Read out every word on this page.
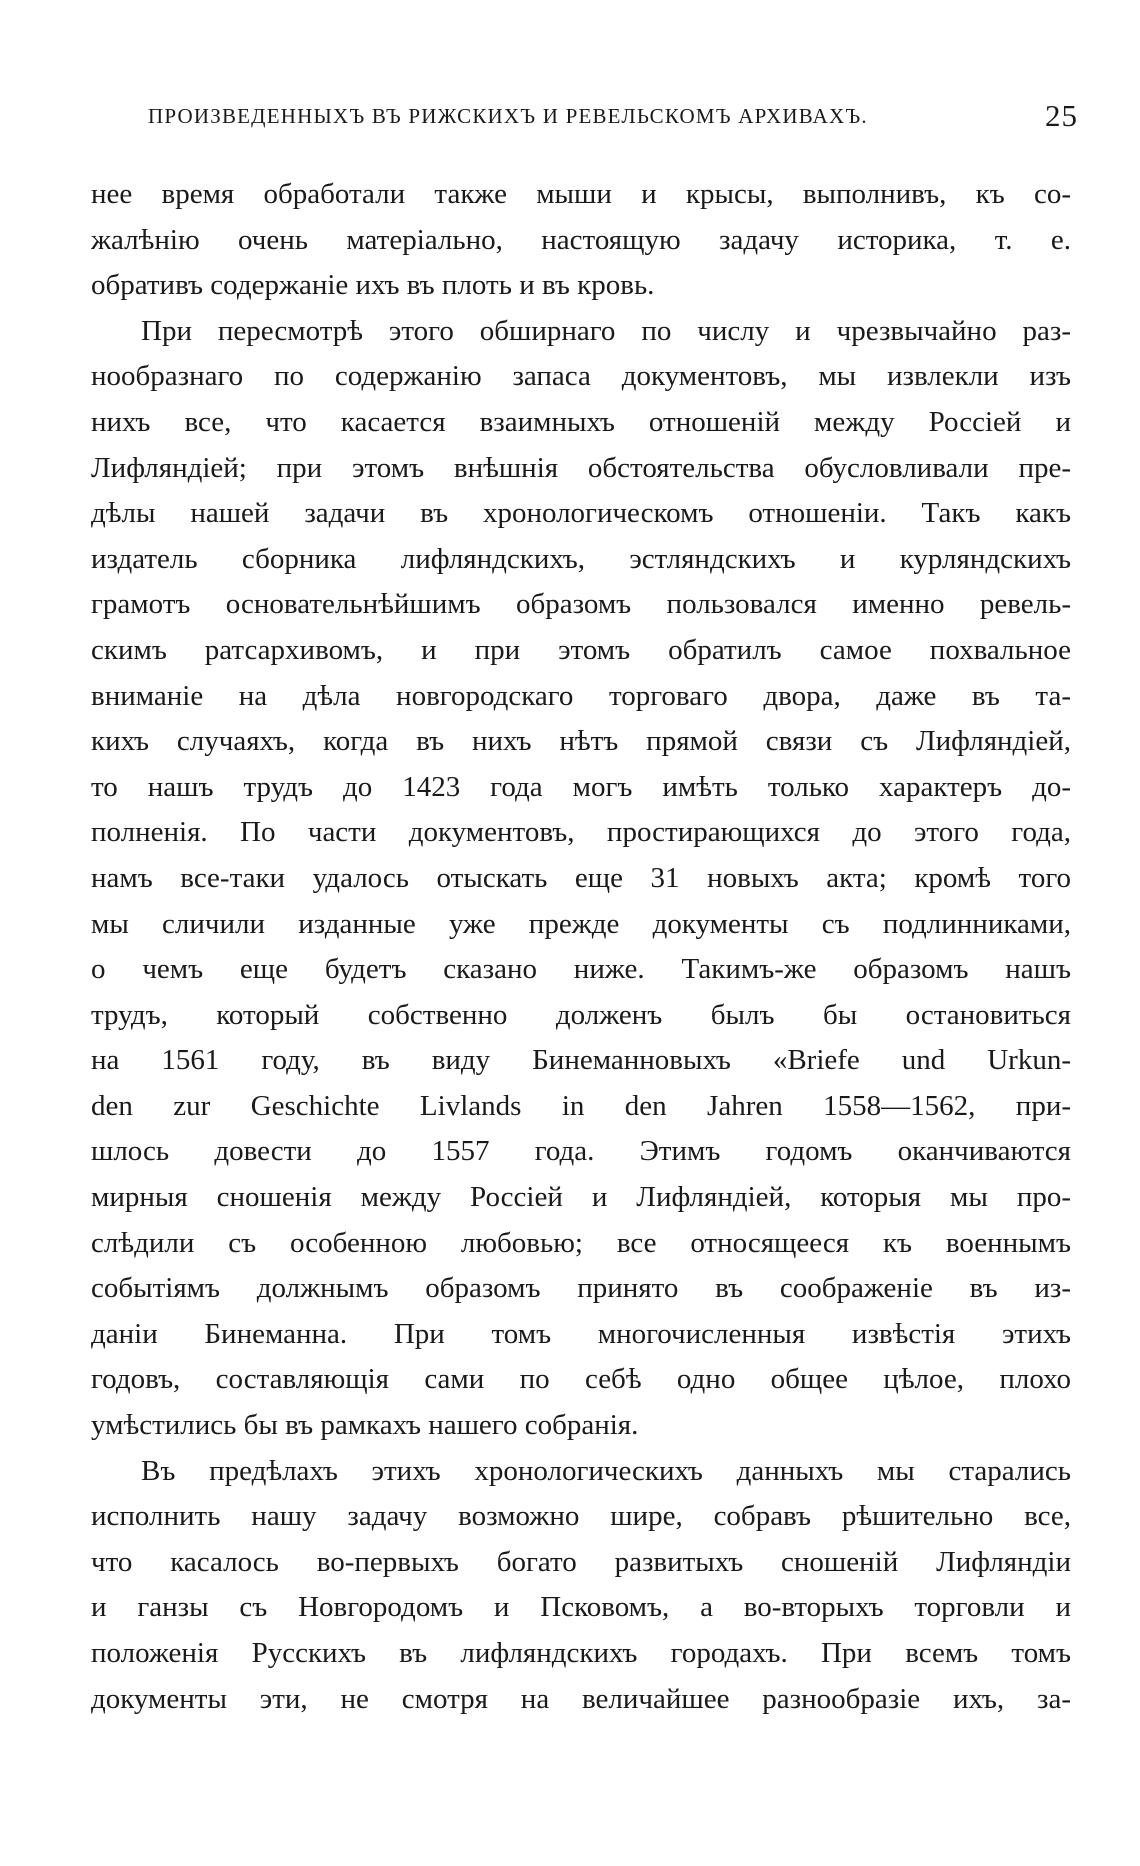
ПРОИЗВЕДЕННЫХЪ ВЪ РИЖСКИХЪ И РЕВЕЛЬСКОМЪ АРХИВАХЪ.	25
нее время обработали также мыши и крысы, выполнивъ, къ со-
жалѣнію очень матеріально, настоящую задачу историка, т. е.
обративъ содержаніе ихъ въ плоть и въ кровь.
При пересмотрѣ этого обширнаго по числу и чрезвычайно раз-
нообразнаго по содержанію запаса документовъ, мы извлекли изъ
нихъ все, что касается взаимныхъ отношеній между Россіей и
Лифляндіей; при этомъ внѣшнія обстоятельства обусловливали пре-
дѣлы нашей задачи въ хронологическомъ отношеніи. Такъ какъ
издатель сборника лифляндскихъ, эстляндскихъ и курляндскихъ
грамотъ основательнѣйшимъ образомъ пользовался именно ревель-
скимъ ратсархивомъ, и при этомъ обратилъ самое похвальное
вниманіе на дѣла новгородскаго торговаго двора, даже въ та-
кихъ случаяхъ, когда въ нихъ нѣтъ прямой связи съ Лифляндіей,
то нашъ трудъ до 1423 года могъ имѣть только характеръ до-
полненія. По части документовъ, простирающихся до этого года,
намъ все-таки удалось отыскать еще 31 новыхъ акта; кромѣ того
мы сличили изданные уже прежде документы съ подлинниками,
о чемъ еще будетъ сказано ниже. Такимъ-же образомъ нашъ
трудъ, который собственно долженъ былъ бы остановиться
на 1561 году, въ виду Бинеманновыхъ «Briefe und Urkun-
den zur Geschichte Livlands in den Jahren 1558—1562, при-
шлось довести до 1557 года. Этимъ годомъ оканчиваются
мирныя сношенія между Россіей и Лифляндіей, которыя мы про-
слѣдили съ особенною любовью; все относящееся къ военнымъ
событіямъ должнымъ образомъ принято въ соображеніе въ из-
даніи Бинеманна. При томъ многочисленныя извѣстія этихъ
годовъ, составляющія сами по себѣ одно общее цѣлое, плохо
умѣстились бы въ рамкахъ нашего собранія.
Въ предѣлахъ этихъ хронологическихъ данныхъ мы старались
исполнить нашу задачу возможно шире, собравъ рѣшительно все,
что касалось во-первыхъ богато развитыхъ сношеній Лифляндіи
и ганзы съ Новгородомъ и Псковомъ, а во-вторыхъ торговли и
положенія Русскихъ въ лифляндскихъ городахъ. При всемъ томъ
документы эти, не смотря на величайшее разнообразіе ихъ, за-
